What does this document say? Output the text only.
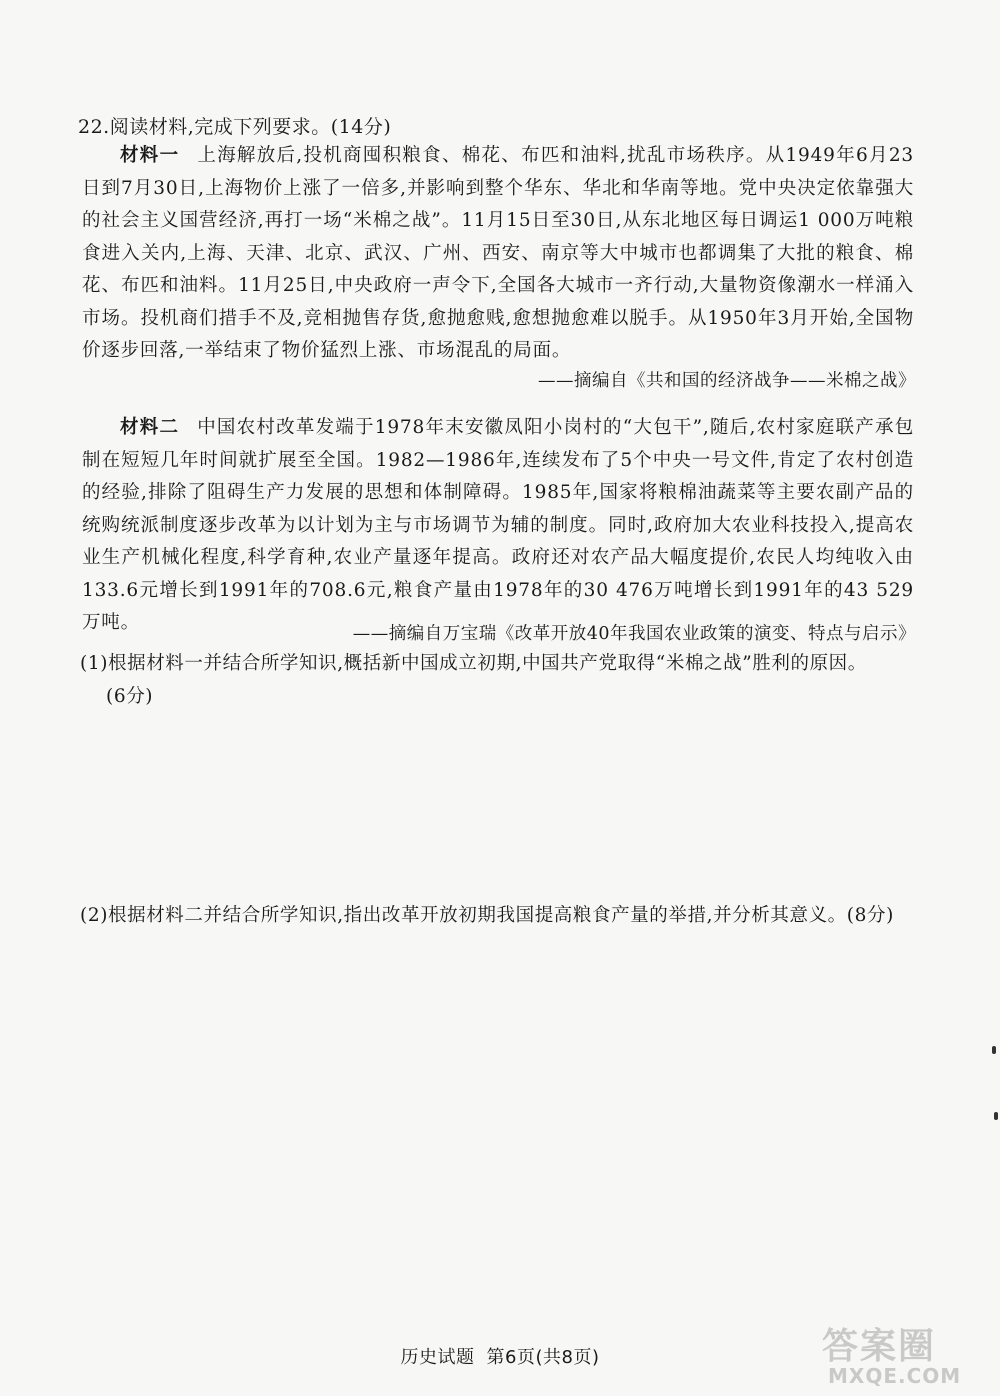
22.阅读材料,完成下列要求。(14分)
材料一 上海解放后,投机商囤积粮食、棉花、布匹和油料,扰乱市场秩序。从1949年6月23日到7月30日,上海物价上涨了一倍多,并影响到整个华东、华北和华南等地。党中央决定依靠强大的社会主义国营经济,再打一场“米棉之战”。11月15日至30日,从东北地区每日调运1 000万吨粮食进入关内,上海、天津、北京、武汉、广州、西安、南京等大中城市也都调集了大批的粮食、棉花、布匹和油料。11月25日,中央政府一声令下,全国各大城市一齐行动,大量物资像潮水一样涌入市场。投机商们措手不及,竞相抛售存货,愈抛愈贱,愈想抛愈难以脱手。从1950年3月开始,全国物价逐步回落,一举结束了物价猛烈上涨、市场混乱的局面。
——摘编自《共和国的经济战争——米棉之战》
材料二 中国农村改革发端于1978年末安徽凤阳小岗村的“大包干”,随后,农村家庭联产承包制在短短几年时间就扩展至全国。1982—1986年,连续发布了5个中央一号文件,肯定了农村创造的经验,排除了阻碍生产力发展的思想和体制障碍。1985年,国家将粮棉油蔬菜等主要农副产品的统购统派制度逐步改革为以计划为主与市场调节为辅的制度。同时,政府加大农业科技投入,提高农业生产机械化程度,科学育种,农业产量逐年提高。政府还对农产品大幅度提价,农民人均纯收入由133.6元增长到1991年的708.6元,粮食产量由1978年的30 476万吨增长到1991年的43 529万吨。
——摘编自万宝瑞《改革开放40年我国农业政策的演变、特点与启示》
(1)根据材料一并结合所学知识,概括新中国成立初期,中国共产党取得“米棉之战”胜利的原因。
(6分)
(2)根据材料二并结合所学知识,指出改革开放初期我国提高粮食产量的举措,并分析其意义。(8分)
历史试题 第6页(共8页)	答案圈
MXQE.COM
